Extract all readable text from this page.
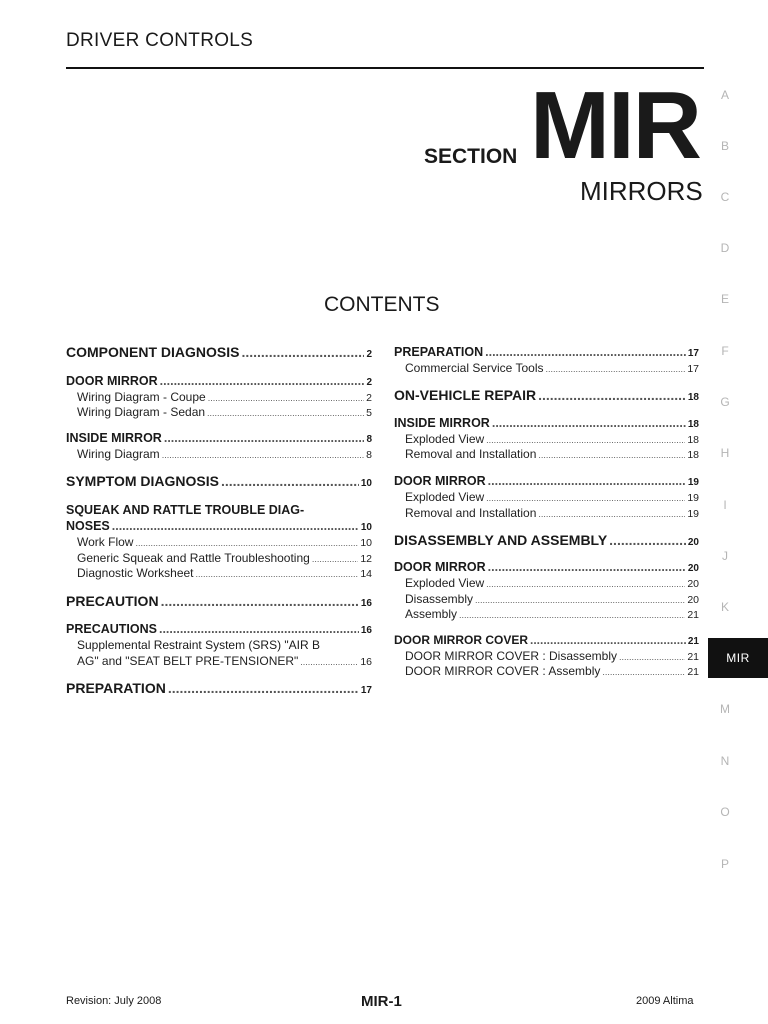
DRIVER CONTROLS
SECTION MIR
MIRRORS
CONTENTS
A
B
C
D
E
F
G
H
I
J
K
MIR
M
N
O
P
COMPONENT DIAGNOSIS .....	2
DOOR MIRROR .....	2
Wiring Diagram - Coupe .....	2
Wiring Diagram - Sedan .....	5
INSIDE MIRROR .....	8
Wiring Diagram .....	8
SYMPTOM DIAGNOSIS .....	10
SQUEAK AND RATTLE TROUBLE DIAG-
NOSES .....	10
Work Flow .....	10
Generic Squeak and Rattle Troubleshooting .....	12
Diagnostic Worksheet .....	14
PRECAUTION .....	16
PRECAUTIONS .....	16
Supplemental Restraint System (SRS) "AIR B
AG" and "SEAT BELT PRE-TENSIONER" .....	16
PREPARATION .....	17
PREPARATION .....	17
Commercial Service Tools .....	17
ON-VEHICLE REPAIR .....	18
INSIDE MIRROR .....	18
Exploded View .....	18
Removal and Installation .....	18
DOOR MIRROR .....	19
Exploded View .....	19
Removal and Installation .....	19
DISASSEMBLY AND ASSEMBLY .....	20
DOOR MIRROR .....	20
Exploded View .....	20
Disassembly .....	20
Assembly .....	21
DOOR MIRROR COVER .....	21
DOOR MIRROR COVER : Disassembly .....	21
DOOR MIRROR COVER : Assembly .....	21
Revision: July 2008	MIR-1	2009 Altima
